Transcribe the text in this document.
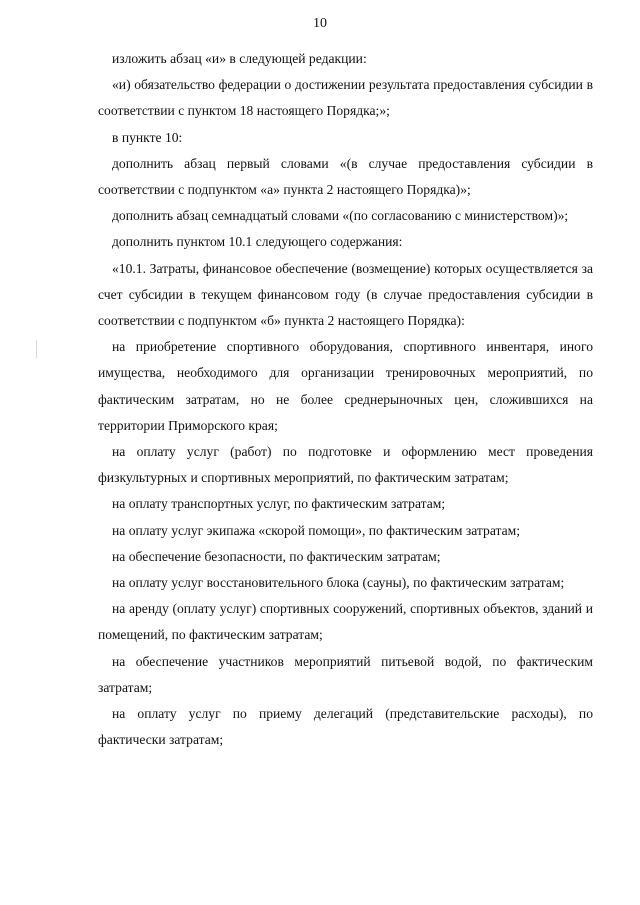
10

изложить абзац «и» в следующей редакции:

«и) обязательство федерации о достижении результата предоставления субсидии в соответствии с пунктом 18 настоящего Порядка;»;

в пункте 10:

дополнить абзац первый словами «(в случае предоставления субсидии в соответствии с подпунктом «а» пункта 2 настоящего Порядка)»;

дополнить абзац семнадцатый словами «(по согласованию с министерством)»;

дополнить пунктом 10.1 следующего содержания:

«10.1. Затраты, финансовое обеспечение (возмещение) которых осуществляется за счет субсидии в текущем финансовом году (в случае предоставления субсидии в соответствии с подпунктом «б» пункта 2 настоящего Порядка):

на приобретение спортивного оборудования, спортивного инвентаря, иного имущества, необходимого для организации тренировочных мероприятий, по фактическим затратам, но не более среднерыночных цен, сложившихся на территории Приморского края;

на оплату услуг (работ) по подготовке и оформлению мест проведения физкультурных и спортивных мероприятий, по фактическим затратам;

на оплату транспортных услуг, по фактическим затратам;

на оплату услуг экипажа «скорой помощи», по фактическим затратам;

на обеспечение безопасности, по фактическим затратам;

на оплату услуг восстановительного блока (сауны), по фактическим затратам;

на аренду (оплату услуг) спортивных сооружений, спортивных объектов, зданий и помещений, по фактическим затратам;

на обеспечение участников мероприятий питьевой водой, по фактическим затратам;

на оплату услуг по приему делегаций (представительские расходы), по фактически затратам;
